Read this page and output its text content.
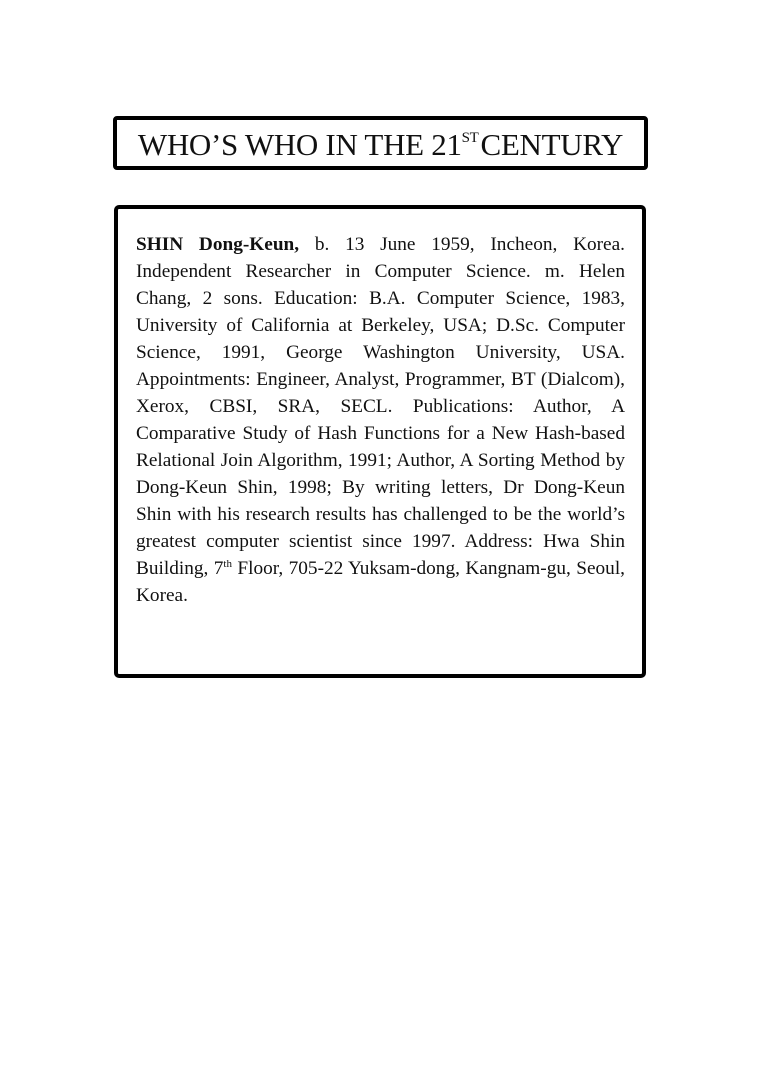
WHO’S WHO IN THE 21STCENTURY

SHIN Dong-Keun, b. 13 June 1959, Incheon, Korea. Independent Researcher in Computer Science. m. Helen Chang, 2 sons. Education: B.A. Computer Science, 1983, University of California at Berkeley, USA; D.Sc. Computer Science, 1991, George Washington University, USA. Appointments: Engineer, Analyst, Programmer, BT (Dialcom), Xerox, CBSI, SRA, SECL. Publications: Author, A Comparative Study of Hash Functions for a New Hash-based Relational Join Algorithm, 1991; Author, A Sorting Method by Dong-Keun Shin, 1998; By writing letters, Dr Dong-Keun Shin with his research results has challenged to be the world’s greatest computer scientist since 1997. Address: Hwa Shin Building, 7th Floor, 705-22 Yuksam-dong, Kangnam-gu, Seoul, Korea.
